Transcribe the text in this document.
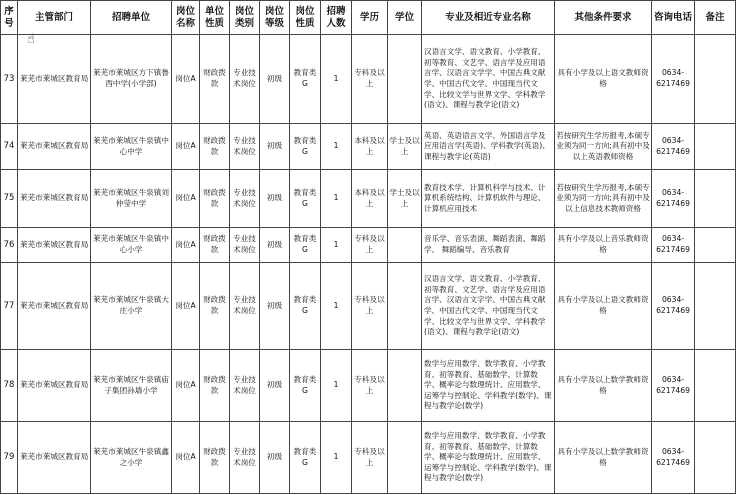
序号	主管部门	招聘单位	岗位名称	单位性质	岗位类别	岗位等级	岗位性质	招聘人数	学历	学位	专业及相近专业名称	其他条件要求	咨询电话	备注
73	莱芜市莱城区教育局	莱芜市莱城区方下镇鲁西中学(小学部)	岗位A	财政拨款	专业技术岗位	初级	教育类G	1	专科及以上		汉语言文学、语文教育、小学教育、初等教育、文艺学、语言学及应用语言学、汉语言文学学、中国古典文献学、中国古代文学、中国现当代文学、比较文学与世界文学、学科教学(语文)、课程与教学论(语文)	具有小学及以上语文教师资格	0634-6217469	
74	莱芜市莱城区教育局	莱芜市莱城区牛泉镇中心中学	岗位A	财政拨款	专业技术岗位	初级	教育类G	1	本科及以上	学士及以上	英语、英语语言文学、外国语言学及应用语言学(英语)、学科教学(英语)、课程与教学论(英语)	若按研究生学历报考,本硕专业须为同一方向;具有初中及以上英语教师资格	0634-6217469	
75	莱芜市莱城区教育局	莱芜市莱城区牛泉镇刘仲莹中学	岗位A	财政拨款	专业技术岗位	初级	教育类G	1	本科及以上	学士及以上	教育技术学、计算机科学与技术、计算机系统结构、计算机软件与理论、计算机应用技术	若按研究生学历报考,本硕专业须为同一方向;具有初中及以上信息技术教师资格	0634-6217469	
76	莱芜市莱城区教育局	莱芜市莱城区牛泉镇中心小学	岗位A	财政拨款	专业技术岗位	初级	教育类G	1	专科及以上		音乐学、音乐表演、舞蹈表演、舞蹈学、 舞蹈编导、音乐教育	具有小学及以上音乐教师资格	0634-6217469	
77	莱芜市莱城区教育局	莱芜市莱城区牛泉镇大庄小学	岗位A	财政拨款	专业技术岗位	初级	教育类G	1	专科及以上		汉语言文学、语文教育、小学教育、初等教育、文艺学、语言学及应用语言学、汉语言文字学、中国古典文献学、中国古代文学、中国现当代文学、比较文学与世界文学、学科教学(语文)、课程与教学论(语文)	具有小学及以上语文教师资格	0634-6217469	
78	莱芜市莱城区教育局	莱芜市莱城区牛泉镇庙子集团孙墙小学	岗位A	财政拨款	专业技术岗位	初级	教育类G	1	专科及以上		数学与应用数学、数学教育、小学教育、初等教育、基础数学、计算数学、概率论与数理统计、应用数学、运筹学与控制论、学科教学(数学)、课程与教学论(数学)	具有小学及以上数学教师资格	0634-6217469	
79	莱芜市莱城区教育局	莱芜市莱城区牛泉镇鑫之小学	岗位A	财政拨款	专业技术岗位	初级	教育类G	1	专科及以上		数学与应用数学、数学教育、小学教育、初等教育、基础数学、计算数学、概率论与数理统计、应用数学、运筹学与控制论、学科教学(数学)、课程与教学论(数学)	具有小学及以上数学教师资格	0634-6217469	
☝
